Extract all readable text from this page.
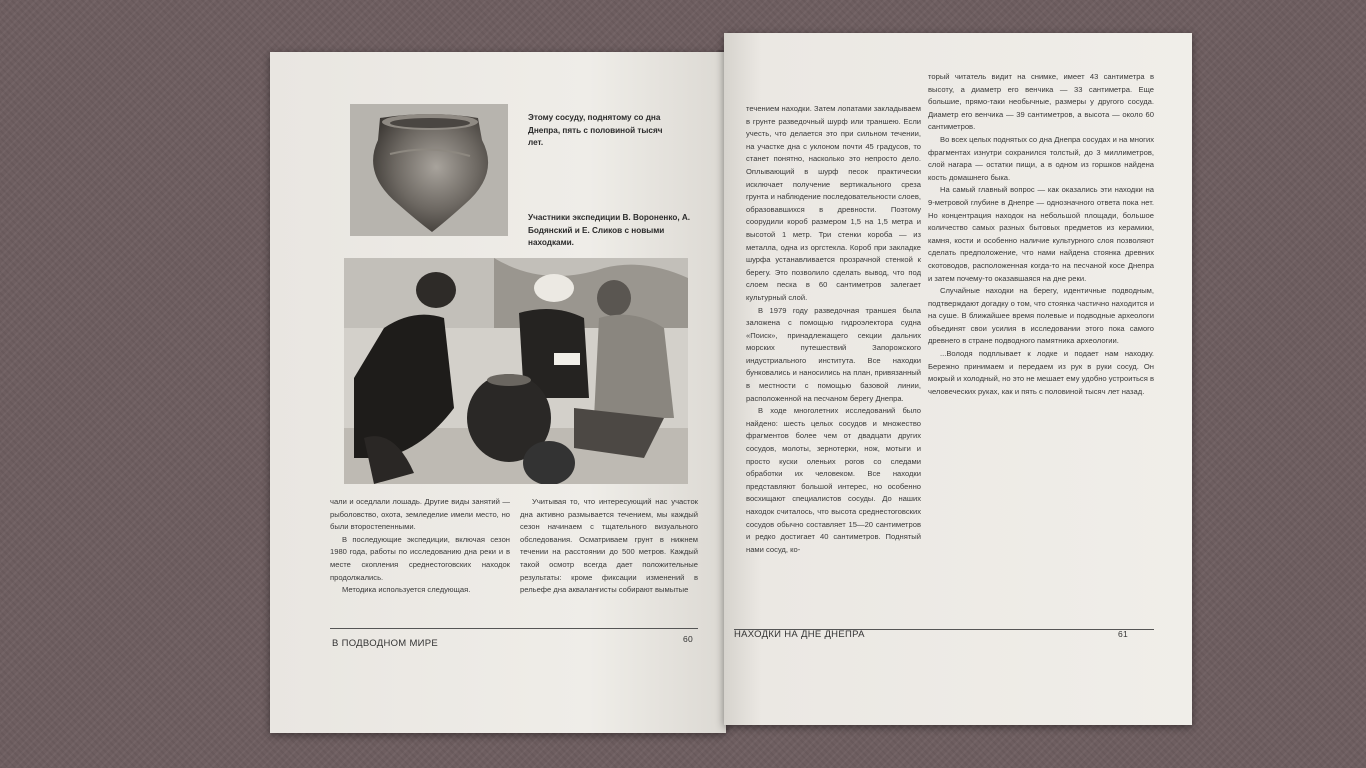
Этому сосуду, поднятому со дна Днепра, пять с половиной тысяч лет.
Участники экспедиции В. Вороненко, А. Бодянский и Е. Сликов с новыми находками.

чали и оседлали лошадь. Другие виды занятий — рыболовство, охота, земледелие имели место, но были второстепенными.

В последующие экспедиции, включая сезон 1980 года, работы по исследованию дна реки и в месте скопления среднестоговских находок продолжались.

Методика используется следующая.

Учитывая то, что интересующий нас участок дна активно размывается течением, мы каждый сезон начинаем с тщательного визуального обследования. Осматриваем грунт в нижнем течении на расстоянии до 500 метров. Каждый такой осмотр всегда дает положительные результаты: кроме фиксации изменений в рельефе дна аквалангисты собирают вымытые

В ПОДВОДНОМ МИРЕ	60

течением находки. Затем лопатами закладываем в грунте разведочный шурф или траншею. Если учесть, что делается это при сильном течении, на участке дна с уклоном почти 45 градусов, то станет понятно, насколько это непросто дело. Оплывающий в шурф песок практически исключает получение вертикального среза грунта и наблюдение последовательности слоев, образовавшихся в древности. Поэтому соорудили короб размером 1,5 на 1,5 метра и высотой 1 метр. Три стенки короба — из металла, одна из оргстекла. Короб при закладке шурфа устанавливается прозрачной стенкой к берегу. Это позволило сделать вывод, что под слоем песка в 60 сантиметров залегает культурный слой.

В 1979 году разведочная траншея была заложена с помощью гидроэлектора судна «Поиск», принадлежащего секции дальних морских путешествий Запорожского индустриального института. Все находки бунковались и наносились на план, привязанный в местности с помощью базовой линии, расположенной на песчаном берегу Днепра.

В ходе многолетних исследований было найдено: шесть целых сосудов и множество фрагментов более чем от двадцати других сосудов, молоты, зернотерки, нож, мотыги и просто куски оленьих рогов со следами обработки их человеком. Все находки представляют большой интерес, но особенно восхищают специалистов сосуды. До наших находок считалось, что высота среднестоговских сосудов обычно составляет 15—20 сантиметров и редко достигает 40 сантиметров. Поднятый нами сосуд, ко-

торый читатель видит на снимке, имеет 43 сантиметра в высоту, а диаметр его венчика — 33 сантиметра. Еще большие, прямо-таки необычные, размеры у другого сосуда. Диаметр его венчика — 39 сантиметров, а высота — около 60 сантиметров.

Во всех целых поднятых со дна Днепра сосудах и на многих фрагментах изнутри сохранился толстый, до 3 миллиметров, слой нагара — остатки пищи, а в одном из горшков найдена кость домашнего быка.

На самый главный вопрос — как оказались эти находки на 9-метровой глубине в Днепре — однозначного ответа пока нет. Но концентрация находок на небольшой площади, большое количество самых разных бытовых предметов из керамики, камня, кости и особенно наличие культурного слоя позволяют сделать предположение, что нами найдена стоянка древних скотоводов, расположенная когда-то на песчаной косе Днепра и затем почему-то оказавшаяся на дне реки.

Случайные находки на берегу, идентичные подводным, подтверждают догадку о том, что стоянка частично находится и на суше. В ближайшее время полевые и подводные археологи объединят свои усилия в исследовании этого пока самого древнего в стране подводного памятника археологии.

...Володя подплывает к лодке и подает нам находку. Бережно принимаем и передаем из рук в руки сосуд. Он мокрый и холодный, но это не мешает ему удобно устроиться в человеческих руках, как и пять с половиной тысяч лет назад.

НАХОДКИ НА ДНЕ ДНЕПРА	61
